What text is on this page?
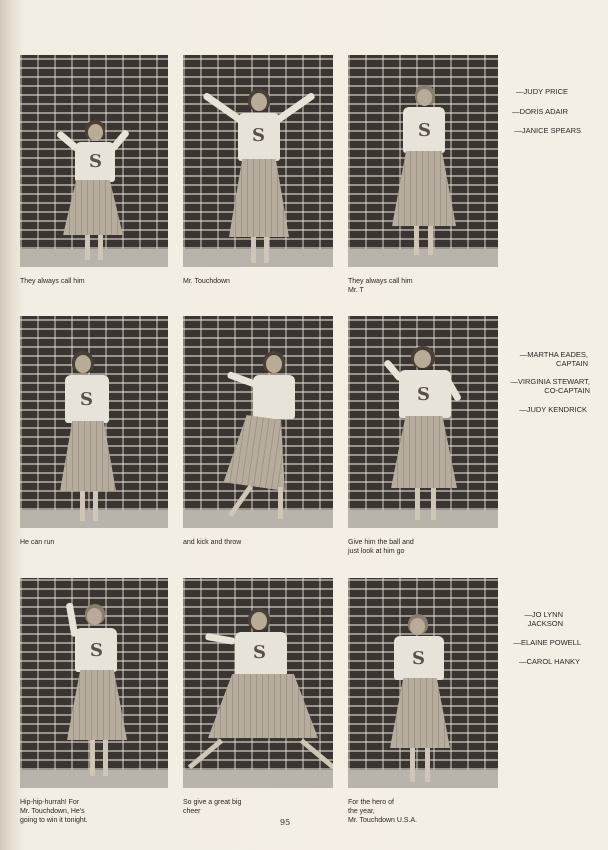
S
S	S
They always call him	Mr. Touchdown	They always call him
Mr. T
—JUDY PRICE
—DORIS ADAIR
—JANICE SPEARS
S	S
He can run	and kick and throw	Give him the ball and
just look at him go
—MARTHA EADES,
CAPTAIN
—VIRGINIA STEWART,
CO-CAPTAIN
—JUDY KENDRICK
S	S	S
Hip-hip-hurrah! For
Mr. Touchdown, He's
going to win it tonight.
So give a great big
cheer
For the hero of
the year,
Mr. Touchdown U.S.A.
—JO LYNN
JACKSON
—ELAINE POWELL
—CAROL HANKY
95
